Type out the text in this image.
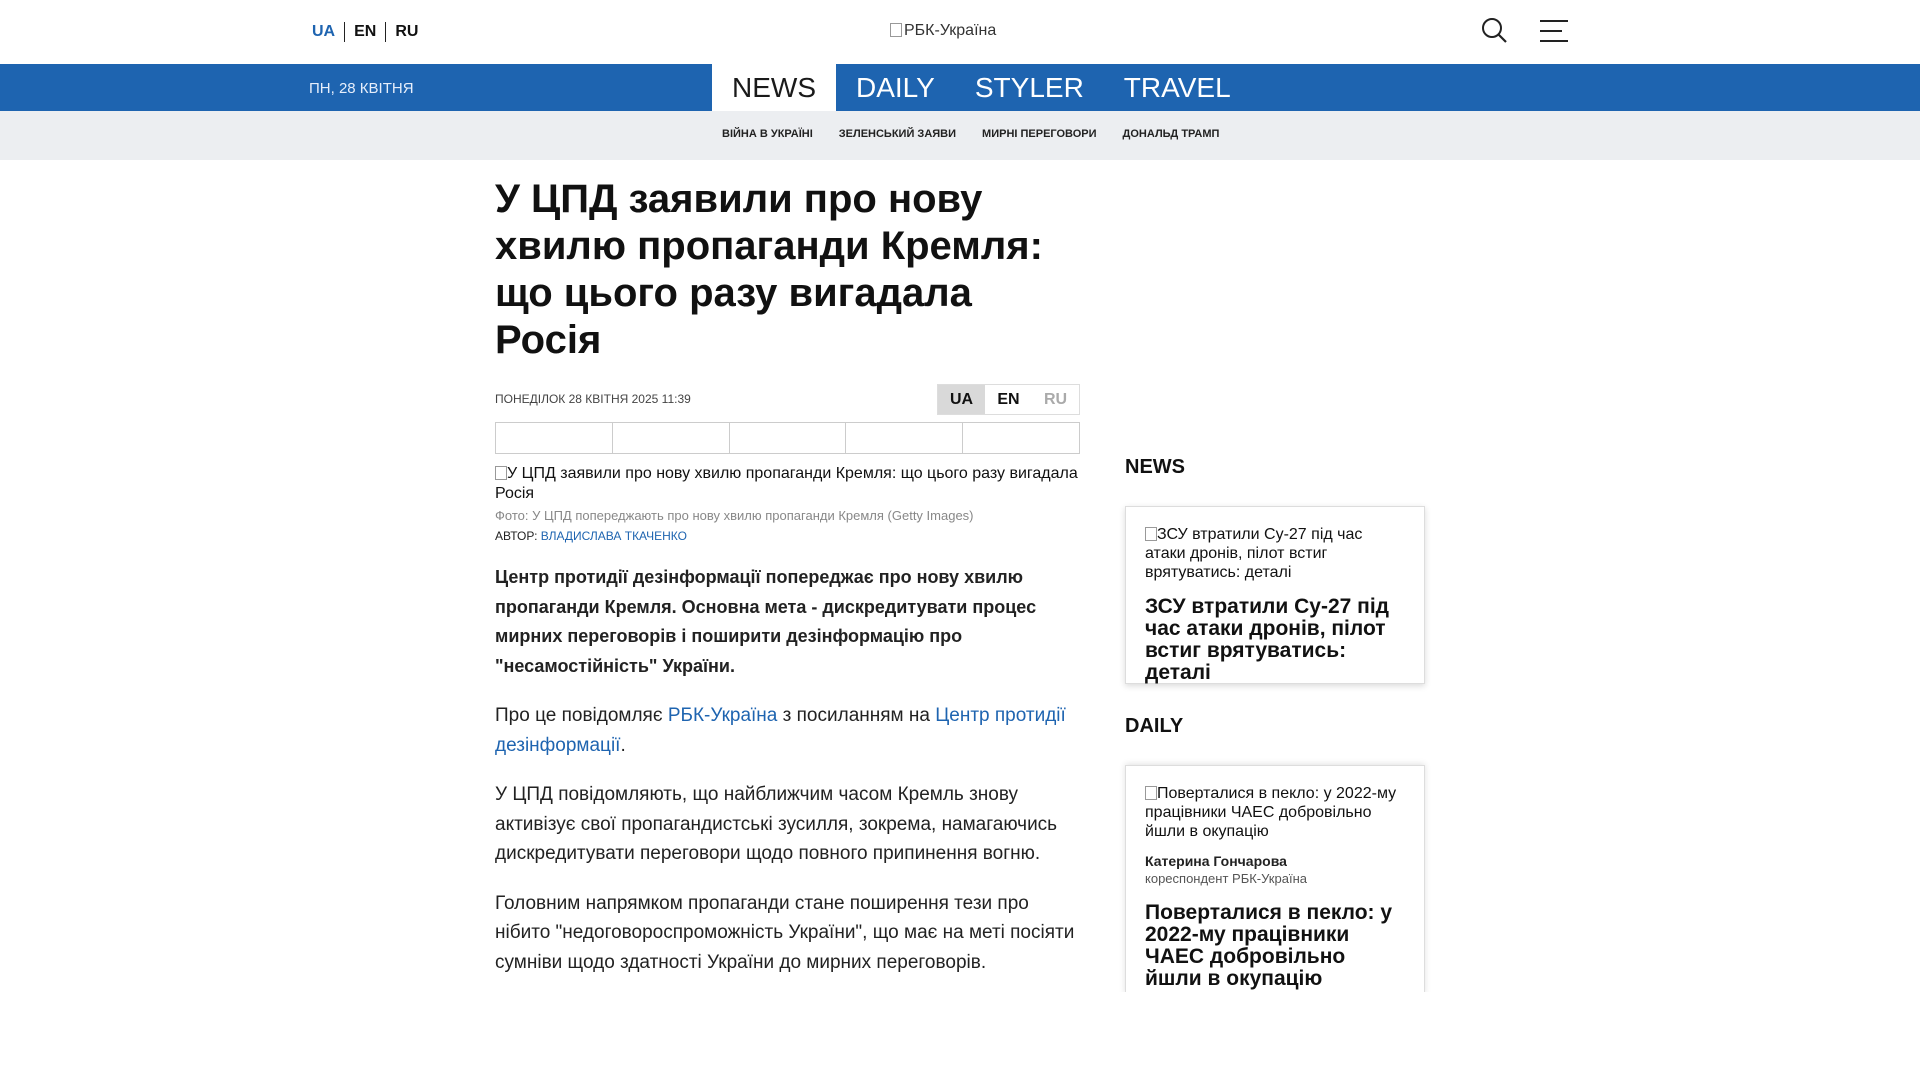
UA	EN	RU	РБК-Україна
ПН, 28 КВІТНЯ	NEWS	DAILY	STYLER	TRAVEL
ВІЙНА В УКРАЇНІ ЗЕЛЕНСЬКИЙ ЗАЯВИ МИРНІ ПЕРЕГОВОРИ ДОНАЛЬД ТРАМП
У ЦПД заявили про нову хвилю пропаганди Кремля: що цього разу вигадала Росія
ПОНЕДІЛОК 28 КВІТНЯ 2025 11:39	UA	EN	RU
У ЦПД заявили про нову хвилю пропаганди Кремля: що цього разу вигадала Росія
Фото: У ЦПД попереджають про нову хвилю пропаганди Кремля (Getty Images)
АВТОР: ВЛАДИСЛАВА ТКАЧЕНКО

Центр протидії дезінформації попереджає про нову хвилю пропаганди Кремля. Основна мета - дискредитувати процес мирних переговорів і поширити дезінформацію про "несамостійність" України.

Про це повідомляє РБК-Україна з посиланням на Центр протидії дезінформації.

У ЦПД повідомляють, що найближчим часом Кремль знову активізує свої пропагандистські зусилля, зокрема, намагаючись дискредитувати переговори щодо повного припинення вогню.

Головним напрямком пропаганди стане поширення тези про нібито "недоговороспроможність України", що має на меті посіяти сумніви щодо здатності України до мирних переговорів.

NEWS
ЗСУ втратили Су-27 під час атаки дронів, пілот встиг врятуватись: деталі
ЗСУ втратили Су-27 під час атаки дронів, пілот встиг врятуватись: деталі
DAILY
Поверталися в пекло: у 2022-му працівники ЧАЕС добровільно йшли в окупацію
Катерина Гончарова
кореспондент РБК-Україна
Поверталися в пекло: у 2022-му працівники ЧАЕС добровільно йшли в окупацію
